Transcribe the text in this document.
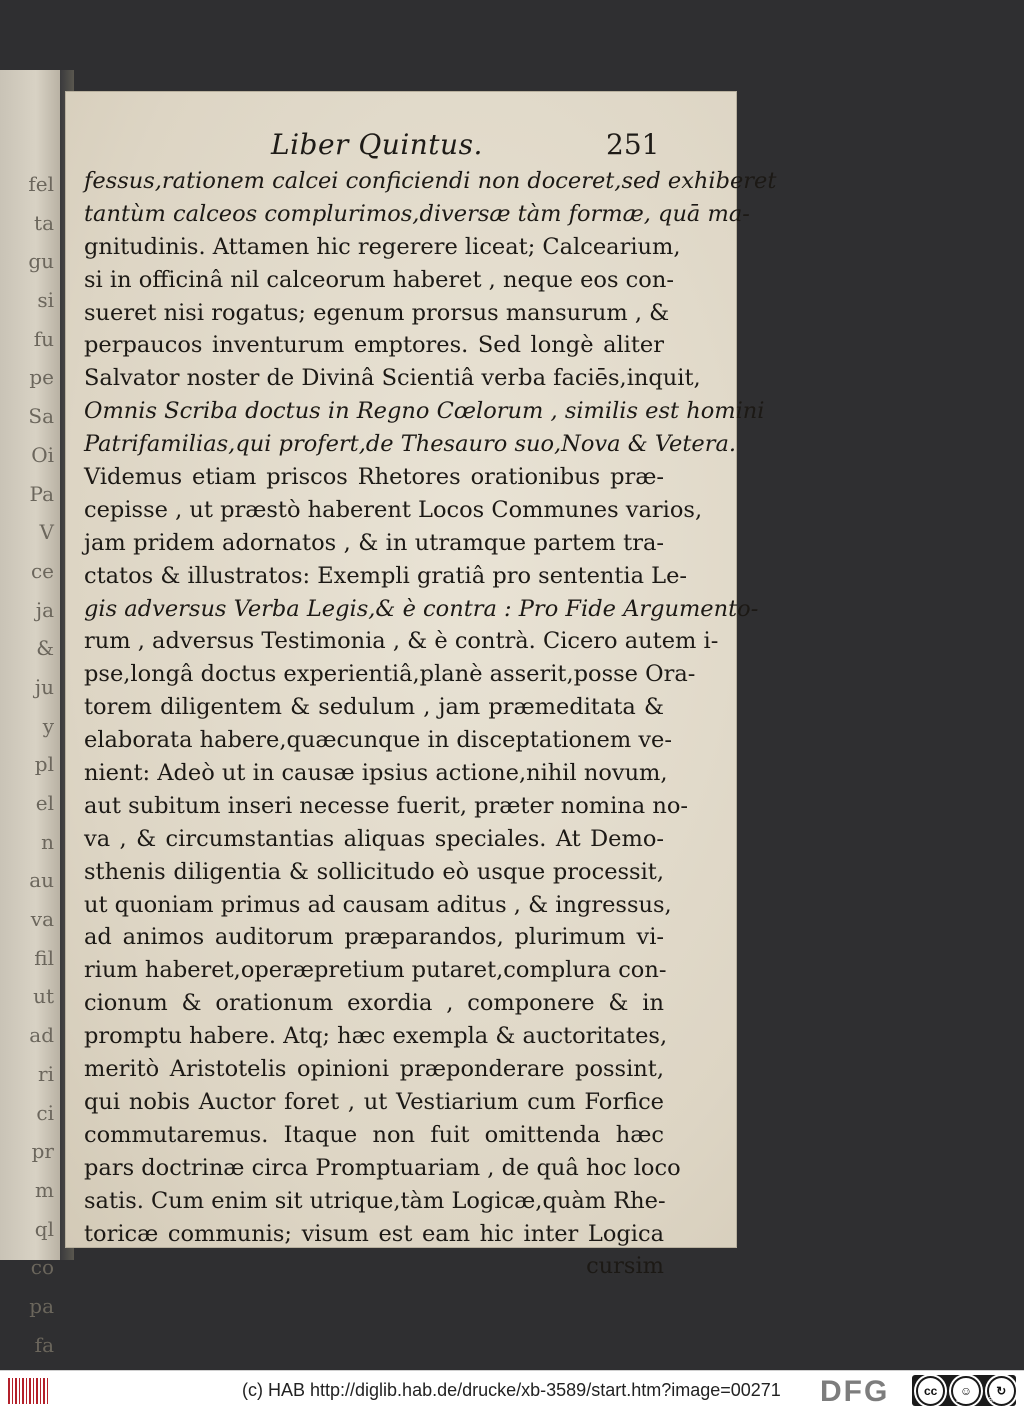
fel
ta
gu
si
fu
pe
Sa
Oi
Pa
V
ce
ja
&
ju
y
pl
el
n
au
va
fil
ut
ad
ri
ci
pr
m
ql
co
pa
fa
Liber Quintus.	251
fessus,rationem calcei conficiendi non doceret,sed exhiberet
tantùm calceos complurimos,diversæ tàm formæ, quā ma-
gnitudinis. Attamen hic regerere liceat; Calcearium,
si in officinâ nil calceorum haberet , neque eos con-
sueret nisi rogatus; egenum prorsus mansurum , &
perpaucos inventurum emptores. Sed longè aliter
Salvator noster de Divinâ Scientiâ verba faciēs,inquit,
Omnis Scriba doctus in Regno Cœlorum , similis est homini
Patrifamilias,qui profert,de Thesauro suo,Nova & Vetera.
Videmus etiam priscos Rhetores orationibus præ-
cepisse , ut præstò haberent Locos Communes varios,
jam pridem adornatos , & in utramque partem tra-
ctatos & illustratos: Exempli gratiâ pro sententia Le-
gis adversus Verba Legis,& è contra : Pro Fide Argumento-
rum , adversus Testimonia , & è contrà. Cicero autem i-
pse,longâ doctus experientiâ,planè asserit,posse Ora-
torem diligentem & sedulum , jam præmeditata &
elaborata habere,quæcunque in disceptationem ve-
nient: Adeò ut in causæ ipsius actione,nihil novum,
aut subitum inseri necesse fuerit, præter nomina no-
va , & circumstantias aliquas speciales. At Demo-
sthenis diligentia & sollicitudo eò usque processit,
ut quoniam primus ad causam aditus , & ingressus,
ad animos auditorum præparandos, plurimum vi-
rium haberet,operæpretium putaret,complura con-
cionum & orationum exordia , componere & in
promptu habere. Atq; hæc exempla & auctoritates,
meritò Aristotelis opinioni præponderare possint,
qui nobis Auctor foret , ut Vestiarium cum Forfice
commutaremus. Itaque non fuit omittenda hæc
pars doctrinæ circa Promptuariam , de quâ hoc loco
satis. Cum enim sit utrique,tàm Logicæ,quàm Rhe-
toricæ communis; visum est eam hic inter Logica
cursim
(c) HAB http://diglib.hab.de/drucke/xb-3589/start.htm?image=00271 DFG	cc	☺	↻
BY	SA
